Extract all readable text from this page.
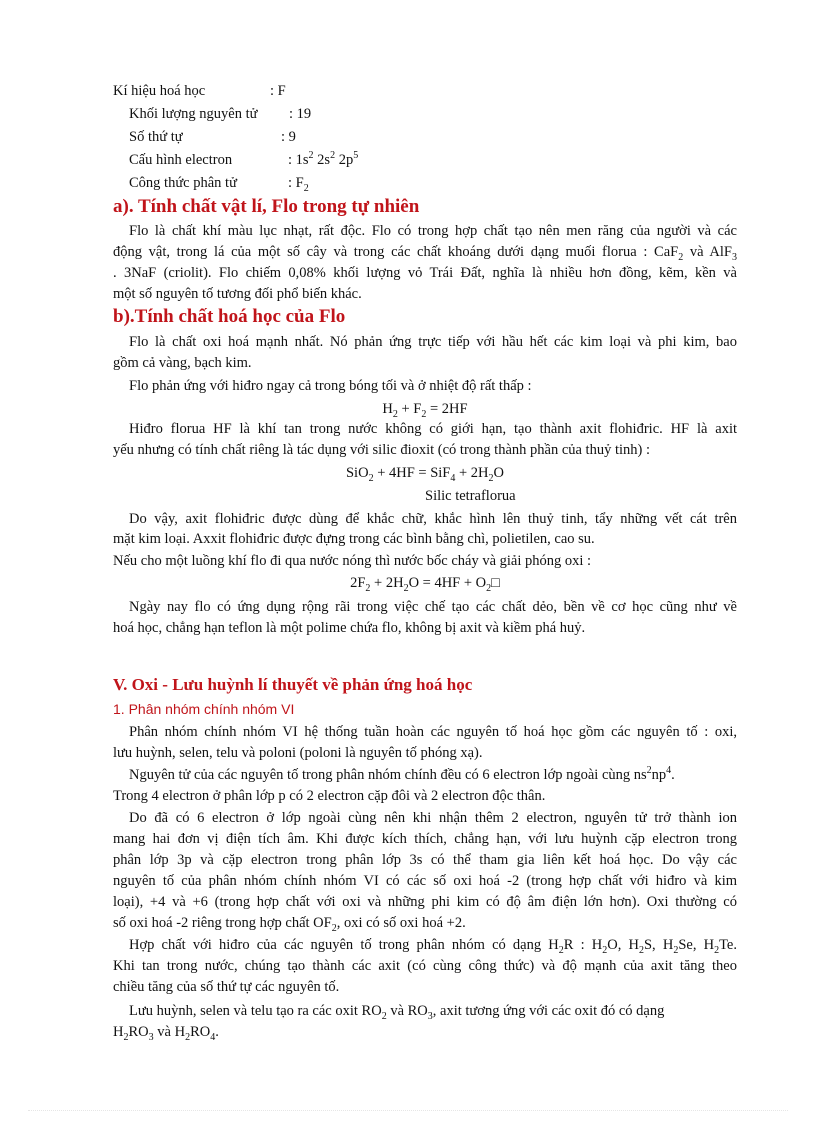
Kí hiệu hoá học	: F
Khối lượng nguyên tử : 19
Số thứ tự	: 9
Cấu hình electron	: $1s^2$ $2s^2$ $2p^5$
Công thức phân tử	: $F_2$
a). Tính chất vật lí, Flo trong tự nhiên
Flo là chất khí màu lục nhạt, rất độc. Flo có trong hợp chất tạo nên men răng của người và các
động vật, trong lá của một số cây và trong các chất khoáng dưới dạng muối florua : CaF$_2$ và AlF$_3$
. 3NaF (criolit). Flo chiếm 0,08% khối lượng vỏ Trái Đất, nghĩa là nhiều hơn đồng, kẽm, kền và
một số nguyên tố tương đối phổ biến khác.
b).Tính chất hoá học của Flo
Flo là chất oxi hoá mạnh nhất. Nó phản ứng trực tiếp với hầu hết các kim loại và phi kim, bao
gồm cả vàng, bạch kim.
Flo phản ứng với hiđro ngay cả trong bóng tối và ở nhiệt độ rất thấp :
$H_2 + F_2 = 2HF$
Hiđro florua HF là khí tan trong nước không có giới hạn, tạo thành axit flohiđric. HF là axit
yếu nhưng có tính chất riêng là tác dụng với silic đioxit (có trong thành phần của thuỷ tinh) :
$SiO_2 + 4HF = SiF_4 + 2H_2O$
Silic tetraflorua
Do vậy, axit flohiđric được dùng để khắc chữ, khắc hình lên thuỷ tinh, tẩy những vết cát trên
mặt kim loại. Axxit flohiđric được đựng trong các bình bằng chì, polietilen, cao su.
Nếu cho một luồng khí flo đi qua nước nóng thì nước bốc cháy và giải phóng oxi :
$2F_2 + 2H_2O = 4HF$ + $O_2□$
Ngày nay flo có ứng dụng rộng rãi trong việc chế tạo các chất dẻo, bền về cơ học cũng như về
hoá học, chẳng hạn teflon là một polime chứa flo, không bị axit và kiềm phá huỷ.
V. Oxi - Lưu huỳnh lí thuyết về phản ứng hoá học
1. Phân nhóm chính nhóm VI
Phân nhóm chính nhóm VI hệ thống tuần hoàn các nguyên tố hoá học gồm các nguyên tố : oxi,
lưu huỳnh, selen, telu và poloni (poloni là nguyên tố phóng xạ).
Nguyên tử của các nguyên tố trong phân nhóm chính đều có 6 electron lớp ngoài cùng $ns^2np^4$.
Trong 4 electron ở phân lớp p có 2 electron cặp đôi và 2 electron độc thân.
Do đã có 6 electron ở lớp ngoài cùng nên khi nhận thêm 2 electron, nguyên tử trở thành ion
mang hai đơn vị điện tích âm. Khi được kích thích, chẳng hạn, với lưu huỳnh cặp electron trong
phân lớp 3p và cặp electron trong phân lớp 3s có thể tham gia liên kết hoá học. Do vậy các
nguyên tố của phân nhóm chính nhóm VI có các số oxi hoá -2 (trong hợp chất với hiđro và kim
loại), +4 và +6 (trong hợp chất với oxi và những phi kim có độ âm điện lớn hơn). Oxi thường có
số oxi hoá -2 riêng trong hợp chất $OF_2$, oxi có số oxi hoá +2.
Hợp chất với hiđro của các nguyên tố trong phân nhóm có dạng $H_2R$ : $H_2O$, $H_2S$, $H_2Se$, $H_2Te$.
Khi tan trong nước, chúng tạo thành các axit (có cùng công thức) và độ mạnh của axit tăng theo
chiều tăng của số thứ tự các nguyên tố.
Lưu huỳnh, selen và telu tạo ra các oxit $RO_2$ và $RO_3$, axit tương ứng với các oxit đó có dạng
$H_2RO_3$ và $H_2RO_4$.
